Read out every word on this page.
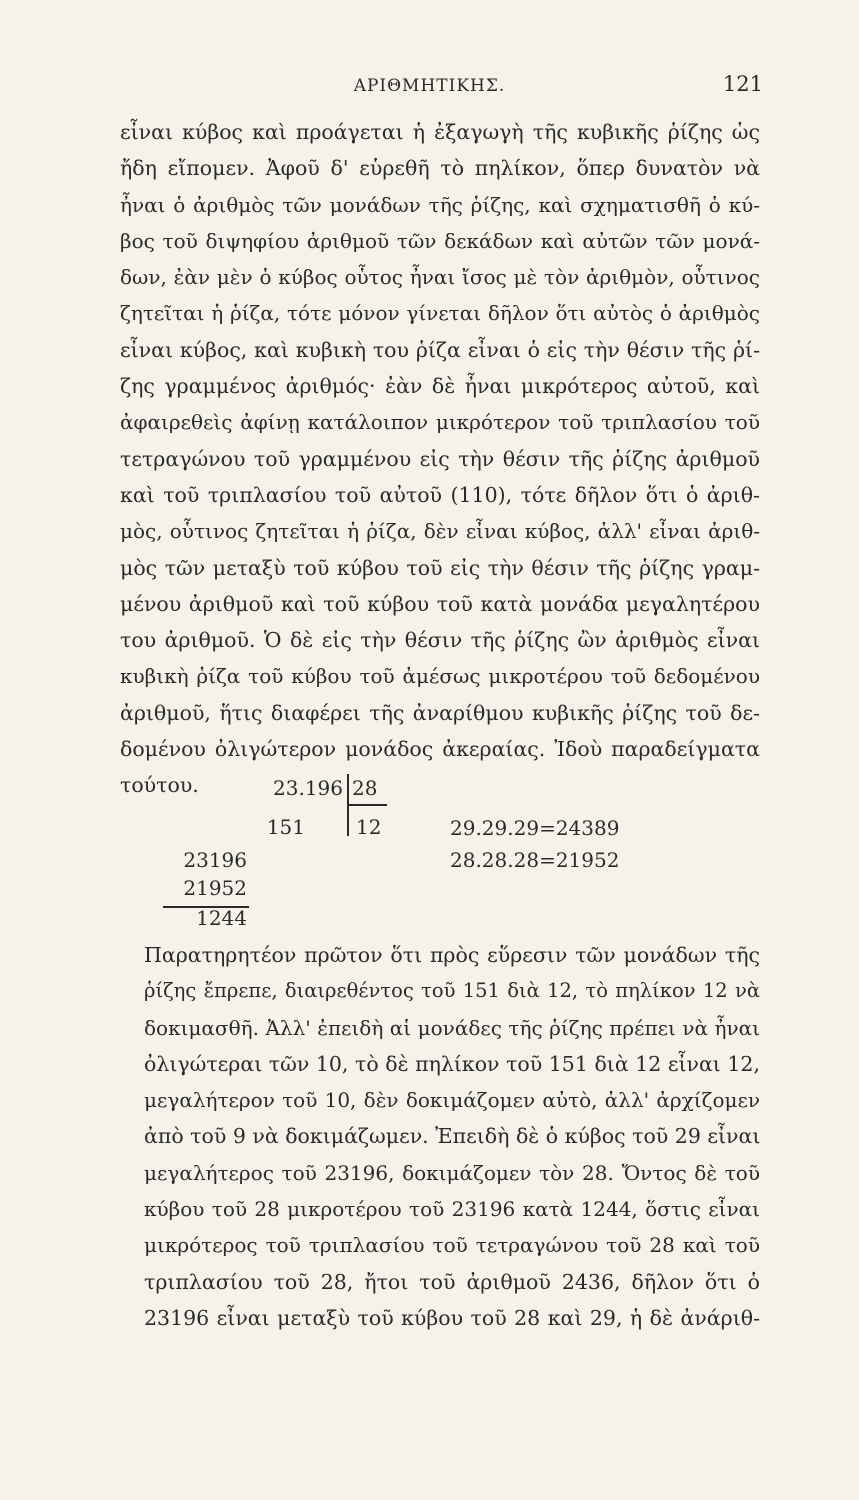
ΑΡΙΘΜΗΤΙΚΗΣ.	121
εἶναι κύβος καὶ προάγεται ἡ ἐξαγωγὴ τῆς κυβικῆς ῥίζης ὡς
ἤδη εἴπομεν. Ἀφοῦ δ' εὑρεθῆ τὸ πηλίκον, ὅπερ δυνατὸν νὰ
ἦναι ὁ ἀριθμὸς τῶν μονάδων τῆς ῥίζης, καὶ σχηματισθῆ ὁ κύ-
βος τοῦ διψηφίου ἀριθμοῦ τῶν δεκάδων καὶ αὐτῶν τῶν μονά-
δων, ἐὰν μὲν ὁ κύβος οὗτος ἦναι ἴσος μὲ τὸν ἀριθμὸν, οὗτινος
ζητεῖται ἡ ῥίζα, τότε μόνον γίνεται δῆλον ὅτι αὐτὸς ὁ ἀριθμὸς
εἶναι κύβος, καὶ κυβικὴ του ῥίζα εἶναι ὁ εἰς τὴν θέσιν τῆς ῥί-
ζης γραμμένος ἀριθμός· ἐὰν δὲ ἦναι μικρότερος αὐτοῦ, καὶ
ἀφαιρεθεὶς ἀφίνῃ κατάλοιπον μικρότερον τοῦ τριπλασίου τοῦ
τετραγώνου τοῦ γραμμένου εἰς τὴν θέσιν τῆς ῥίζης ἀριθμοῦ
καὶ τοῦ τριπλασίου τοῦ αὐτοῦ (110), τότε δῆλον ὅτι ὁ ἀριθ-
μὸς, οὗτινος ζητεῖται ἡ ῥίζα, δὲν εἶναι κύβος, ἀλλ' εἶναι ἀριθ-
μὸς τῶν μεταξὺ τοῦ κύβου τοῦ εἰς τὴν θέσιν τῆς ῥίζης γραμ-
μένου ἀριθμοῦ καὶ τοῦ κύβου τοῦ κατὰ μονάδα μεγαλητέρου
του ἀριθμοῦ. Ὁ δὲ εἰς τὴν θέσιν τῆς ῥίζης ὢν ἀριθμὸς εἶναι
κυβικὴ ῥίζα τοῦ κύβου τοῦ ἀμέσως μικροτέρου τοῦ δεδομένου
ἀριθμοῦ, ἥτις διαφέρει τῆς ἀναρίθμου κυβικῆς ῥίζης τοῦ δε-
δομένου ὀλιγώτερον μονάδος ἀκεραίας. Ἰδοὺ παραδείγματα
τούτου.	23.196 28
151	12
23196
21952
1244
29.29.29=24389
28.28.28=21952
Παρατηρητέον πρῶτον ὅτι πρὸς εὕρεσιν τῶν μονάδων τῆς
ῥίζης ἔπρεπε, διαιρεθέντος τοῦ 151 διὰ 12, τὸ πηλίκον 12 νὰ
δοκιμασθῆ. Ἀλλ' ἐπειδὴ αἱ μονάδες τῆς ῥίζης πρέπει νὰ ἦναι
ὀλιγώτεραι τῶν 10, τὸ δὲ πηλίκον τοῦ 151 διὰ 12 εἶναι 12,
μεγαλήτερον τοῦ 10, δὲν δοκιμάζομεν αὐτὸ, ἀλλ' ἀρχίζομεν
ἀπὸ τοῦ 9 νὰ δοκιμάζωμεν. Ἐπειδὴ δὲ ὁ κύβος τοῦ 29 εἶναι
μεγαλήτερος τοῦ 23196, δοκιμάζομεν τὸν 28. Ὄντος δὲ τοῦ
κύβου τοῦ 28 μικροτέρου τοῦ 23196 κατὰ 1244, ὅστις εἶναι
μικρότερος τοῦ τριπλασίου τοῦ τετραγώνου τοῦ 28 καὶ τοῦ
τριπλασίου τοῦ 28, ἤτοι τοῦ ἀριθμοῦ 2436, δῆλον ὅτι ὁ
23196 εἶναι μεταξὺ τοῦ κύβου τοῦ 28 καὶ 29, ἡ δὲ ἀνάριθ-
